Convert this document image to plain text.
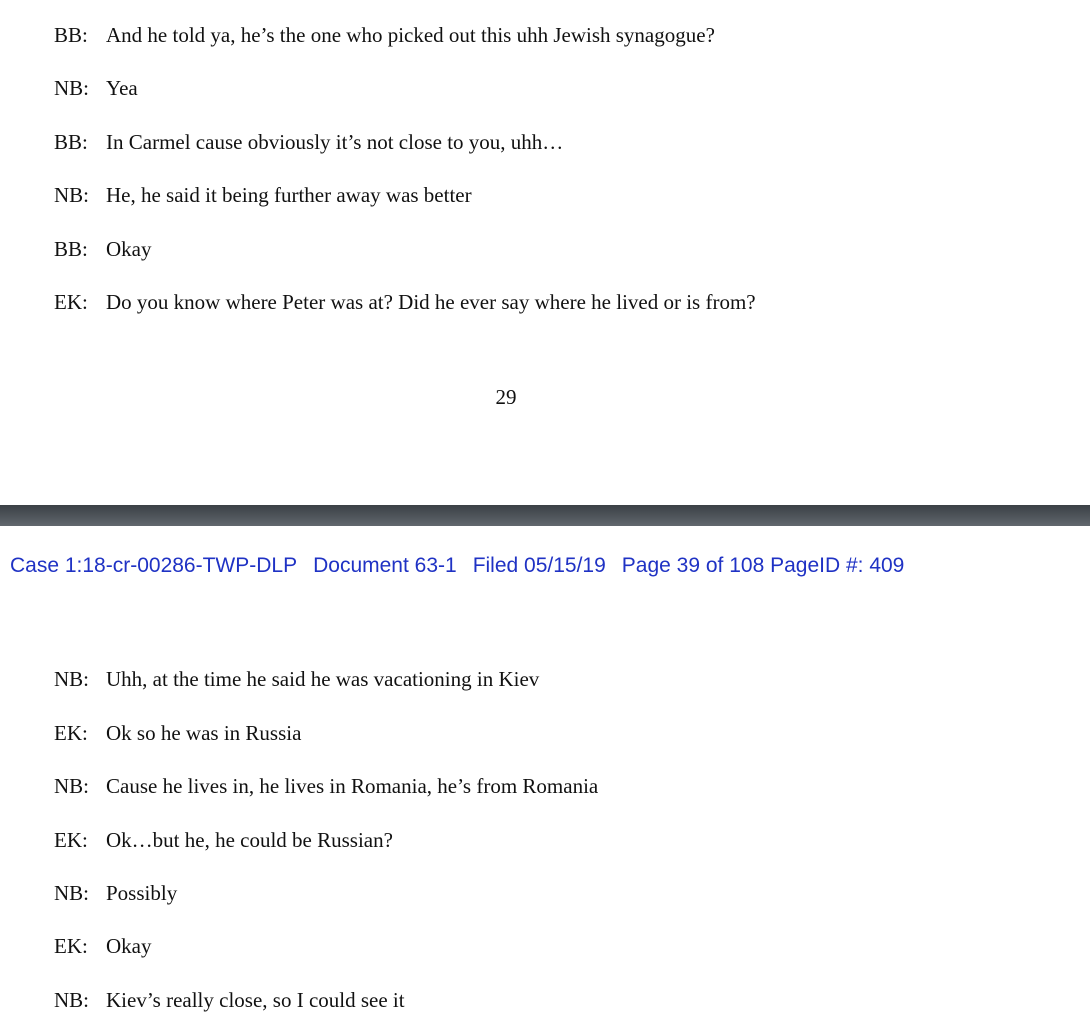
BB: And he told ya, he’s the one who picked out this uhh Jewish synagogue?
NB: Yea
BB: In Carmel cause obviously it’s not close to you, uhh…
NB: He, he said it being further away was better
BB: Okay
EK: Do you know where Peter was at? Did he ever say where he lived or is from?
29
Case 1:18-cr-00286-TWP-DLP Document 63-1 Filed 05/15/19 Page 39 of 108 PageID #: 409
NB: Uhh, at the time he said he was vacationing in Kiev
EK: Ok so he was in Russia
NB: Cause he lives in, he lives in Romania, he’s from Romania
EK: Ok…but he, he could be Russian?
NB: Possibly
EK: Okay
NB: Kiev’s really close, so I could see it
